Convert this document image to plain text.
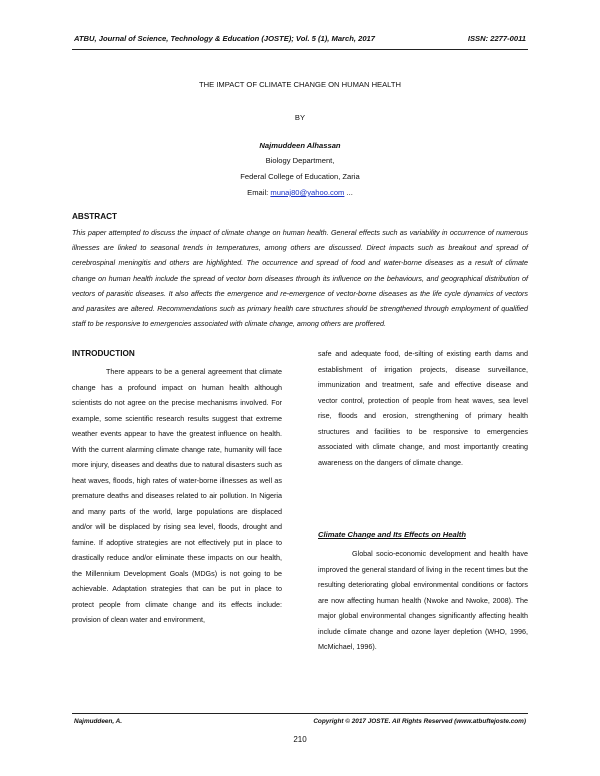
ATBU, Journal of Science, Technology & Education (JOSTE); Vol. 5 (1), March, 2017	ISSN: 2277-0011
THE IMPACT OF CLIMATE CHANGE ON HUMAN HEALTH
BY
Najmuddeen Alhassan
Biology Department,
Federal College of Education, Zaria
Email: munaj80@yahoo.com ...
ABSTRACT

This paper attempted to discuss the impact of climate change on human health. General effects such as variability in occurrence of numerous illnesses are linked to seasonal trends in temperatures, among others are discussed. Direct impacts such as breakout and spread of cerebrospinal meningitis and others are highlighted. The occurrence and spread of food and water-borne diseases as a result of climate change on human health include the spread of vector born diseases through its influence on the behaviours, and geographical distribution of vectors of parasitic diseases. It also affects the emergence and re-emergence of vector-borne diseases as the life cycle dynamics of vectors and parasites are altered. Recommendations such as primary health care structures should be strengthened through employment of qualified staff to be responsive to emergencies associated with climate change, among others are proffered.

INTRODUCTION

There appears to be a general agreement that climate change has a profound impact on human health although scientists do not agree on the precise mechanisms involved. For example, some scientific research results suggest that extreme weather events appear to have the greatest influence on health. With the current alarming climate change rate, humanity will face more injury, diseases and deaths due to natural disasters such as heat waves, floods, high rates of water-borne illnesses as well as premature deaths and diseases related to air pollution. In Nigeria and many parts of the world, large populations are displaced and/or will be displaced by rising sea level, floods, drought and famine. If adoptive strategies are not effectively put in place to drastically reduce and/or eliminate these impacts on our health, the Millennium Development Goals (MDGs) is not going to be achievable. Adaptation strategies that can be put in place to protect people from climate change and its effects include: provision of clean water and environment,

safe and adequate food, de-silting of existing earth dams and establishment of irrigation projects, disease surveillance, immunization and treatment, safe and effective disease and vector control, protection of people from heat waves, sea level rise, floods and erosion, strengthening of primary health structures and facilities to be responsive to emergencies associated with climate change, and most importantly creating awareness on the dangers of climate change.

Climate Change and Its Effects on Health

Global socio-economic development and health have improved the general standard of living in the recent times but the resulting deteriorating global environmental conditions or factors are now affecting human health (Nwoke and Nwoke, 2008). The major global environmental changes significantly affecting health include climate change and ozone layer depletion (WHO, 1996, McMichael, 1996).

Najmuddeen, A.	Copyright © 2017 JOSTE. All Rights Reserved (www.atbuftejoste.com)
210
